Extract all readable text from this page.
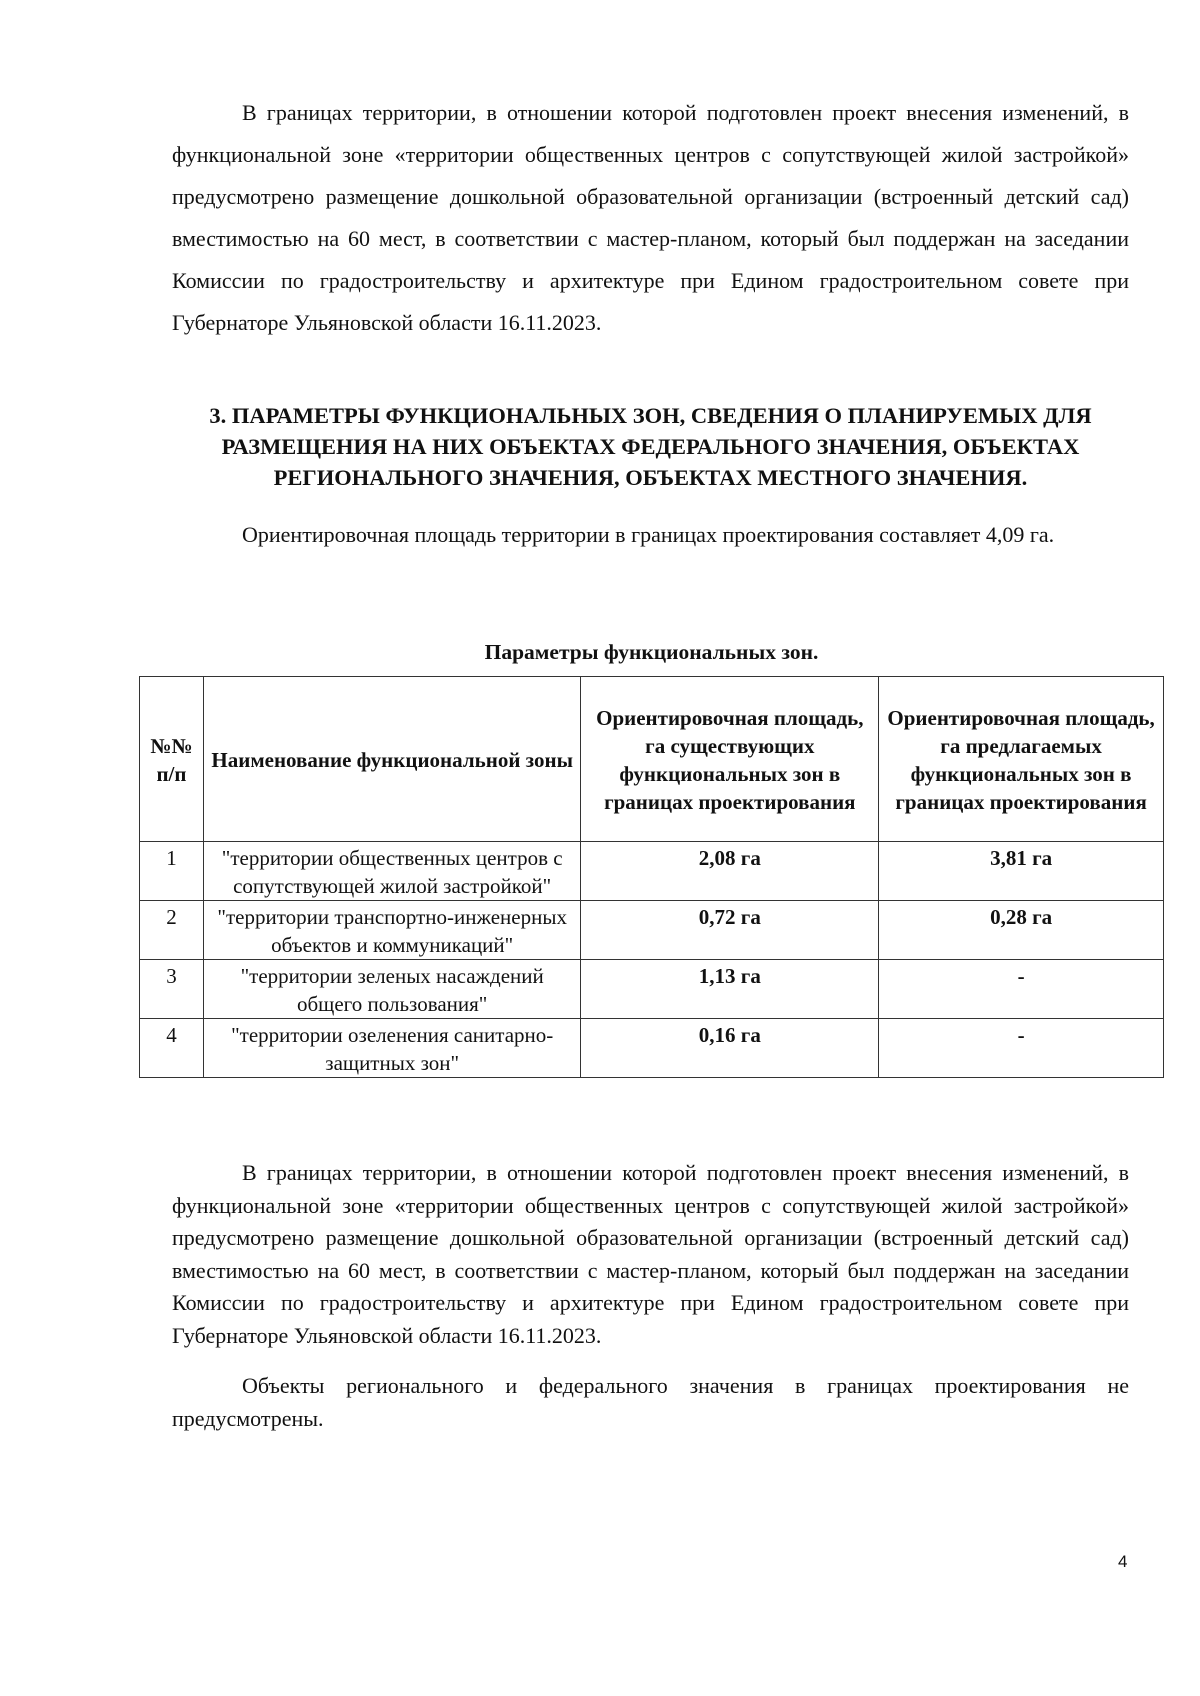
В границах территории, в отношении которой подготовлен проект внесения изменений, в функциональной зоне «территории общественных центров с сопутствующей жилой застройкой» предусмотрено размещение дошкольной образовательной организации (встроенный детский сад) вместимостью на 60 мест, в соответствии с мастер-планом, который был поддержан на заседании Комиссии по градостроительству и архитектуре при Едином градостроительном совете при Губернаторе Ульяновской области 16.11.2023.

3. ПАРАМЕТРЫ ФУНКЦИОНАЛЬНЫХ ЗОН, СВЕДЕНИЯ О ПЛАНИРУЕМЫХ ДЛЯ РАЗМЕЩЕНИЯ НА НИХ ОБЪЕКТАХ ФЕДЕРАЛЬНОГО ЗНАЧЕНИЯ, ОБЪЕКТАХ РЕГИОНАЛЬНОГО ЗНАЧЕНИЯ, ОБЪЕКТАХ МЕСТНОГО ЗНАЧЕНИЯ.

Ориентировочная площадь территории в границах проектирования составляет 4,09 га.

Параметры функциональных зон.

№№ п/п	Наименование функциональной зоны	Ориентировочная площадь, га существующих функциональных зон в границах проектирования	Ориентировочная площадь, га предлагаемых функциональных зон в границах проектирования
1	"территории общественных центров с сопутствующей жилой застройкой"	2,08 га	3,81 га
2	"территории транспортно-инженерных объектов и коммуникаций"	0,72 га	0,28 га
3	"территории зеленых насаждений общего пользования"	1,13 га	-
4	"территории озеленения санитарно-защитных зон"	0,16 га	-

В границах территории, в отношении которой подготовлен проект внесения изменений, в функциональной зоне «территории общественных центров с сопутствующей жилой застройкой» предусмотрено размещение дошкольной образовательной организации (встроенный детский сад) вместимостью на 60 мест, в соответствии с мастер-планом, который был поддержан на заседании Комиссии по градостроительству и архитектуре при Едином градостроительном совете при Губернаторе Ульяновской области 16.11.2023.

Объекты регионального и федерального значения в границах проектирования не предусмотрены.

4
